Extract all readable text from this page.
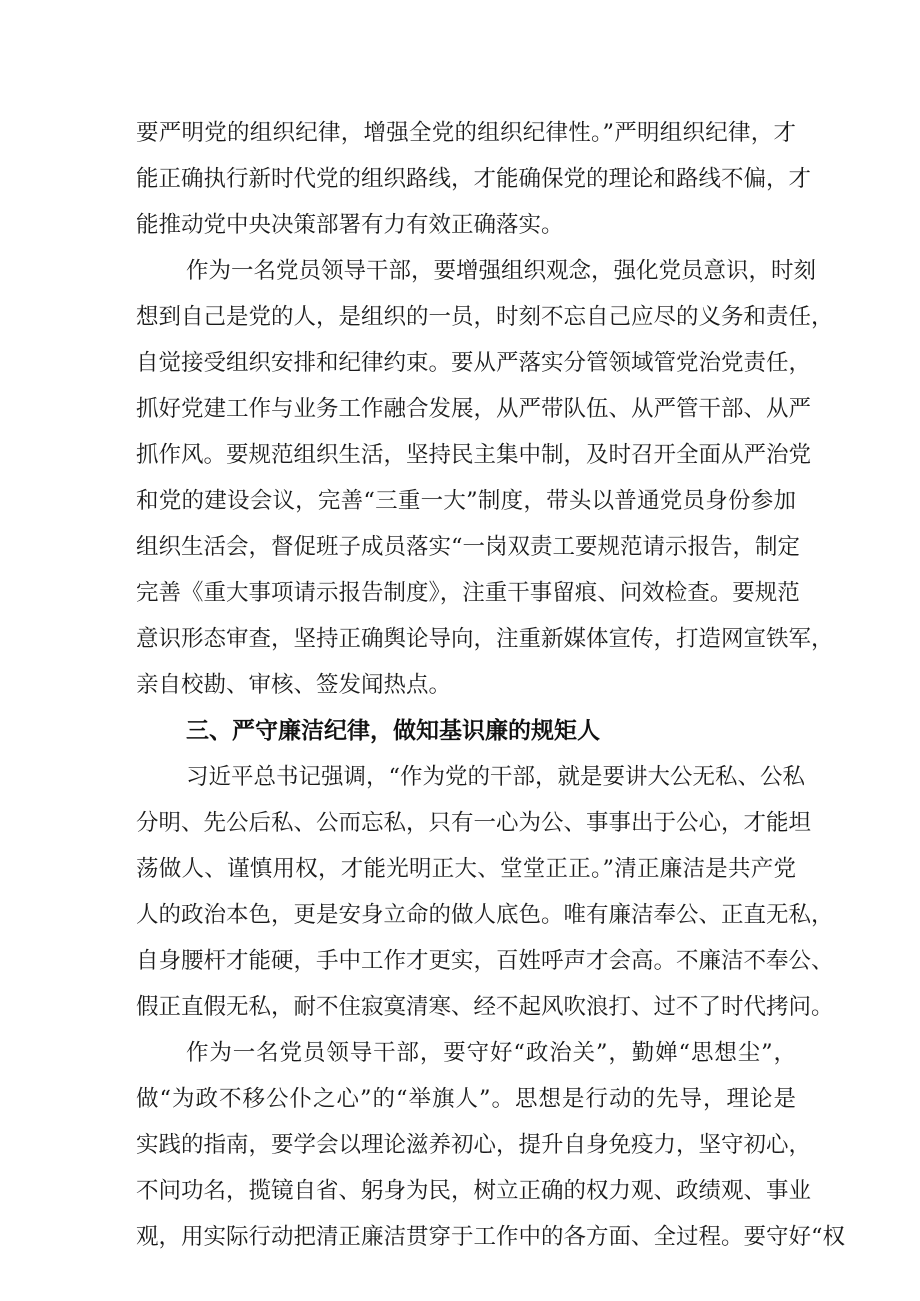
要严明党的组织纪律，增强全党的组织纪律性。”严明组织纪律，才
能正确执行新时代党的组织路线，才能确保党的理论和路线不偏，才
能推动党中央决策部署有力有效正确落实。
作为一名党员领导干部，要增强组织观念，强化党员意识，时刻
想到自己是党的人，是组织的一员，时刻不忘自己应尽的义务和责任，
自觉接受组织安排和纪律约束。要从严落实分管领域管党治党责任，
抓好党建工作与业务工作融合发展，从严带队伍、从严管干部、从严
抓作风。要规范组织生活，坚持民主集中制，及时召开全面从严治党
和党的建设会议，完善“三重一大”制度，带头以普通党员身份参加
组织生活会，督促班子成员落实“一岗双责工要规范请示报告，制定
完善《重大事项请示报告制度》，注重干事留痕、问效检查。要规范
意识形态审查，坚持正确舆论导向，注重新媒体宣传，打造网宣铁军，
亲自校勘、审核、签发闻热点。
三、严守廉洁纪律，做知基识廉的规矩人
习近平总书记强调，“作为党的干部，就是要讲大公无私、公私
分明、先公后私、公而忘私，只有一心为公、事事出于公心，才能坦
荡做人、谨慎用权，才能光明正大、堂堂正正。”清正廉洁是共产党
人的政治本色，更是安身立命的做人底色。唯有廉洁奉公、正直无私，
自身腰杆才能硬，手中工作才更实，百姓呼声才会高。不廉洁不奉公、
假正直假无私，耐不住寂寞清寒、经不起风吹浪打、过不了时代拷问。
作为一名党员领导干部，要守好“政治关”，勤婵“思想尘”，
做“为政不移公仆之心”的“举旗人”。思想是行动的先导，理论是
实践的指南，要学会以理论滋养初心，提升自身免疫力，坚守初心，
不问功名，揽镜自省、躬身为民，树立正确的权力观、政绩观、事业
观，用实际行动把清正廉洁贯穿于工作中的各方面、全过程。要守好“权
